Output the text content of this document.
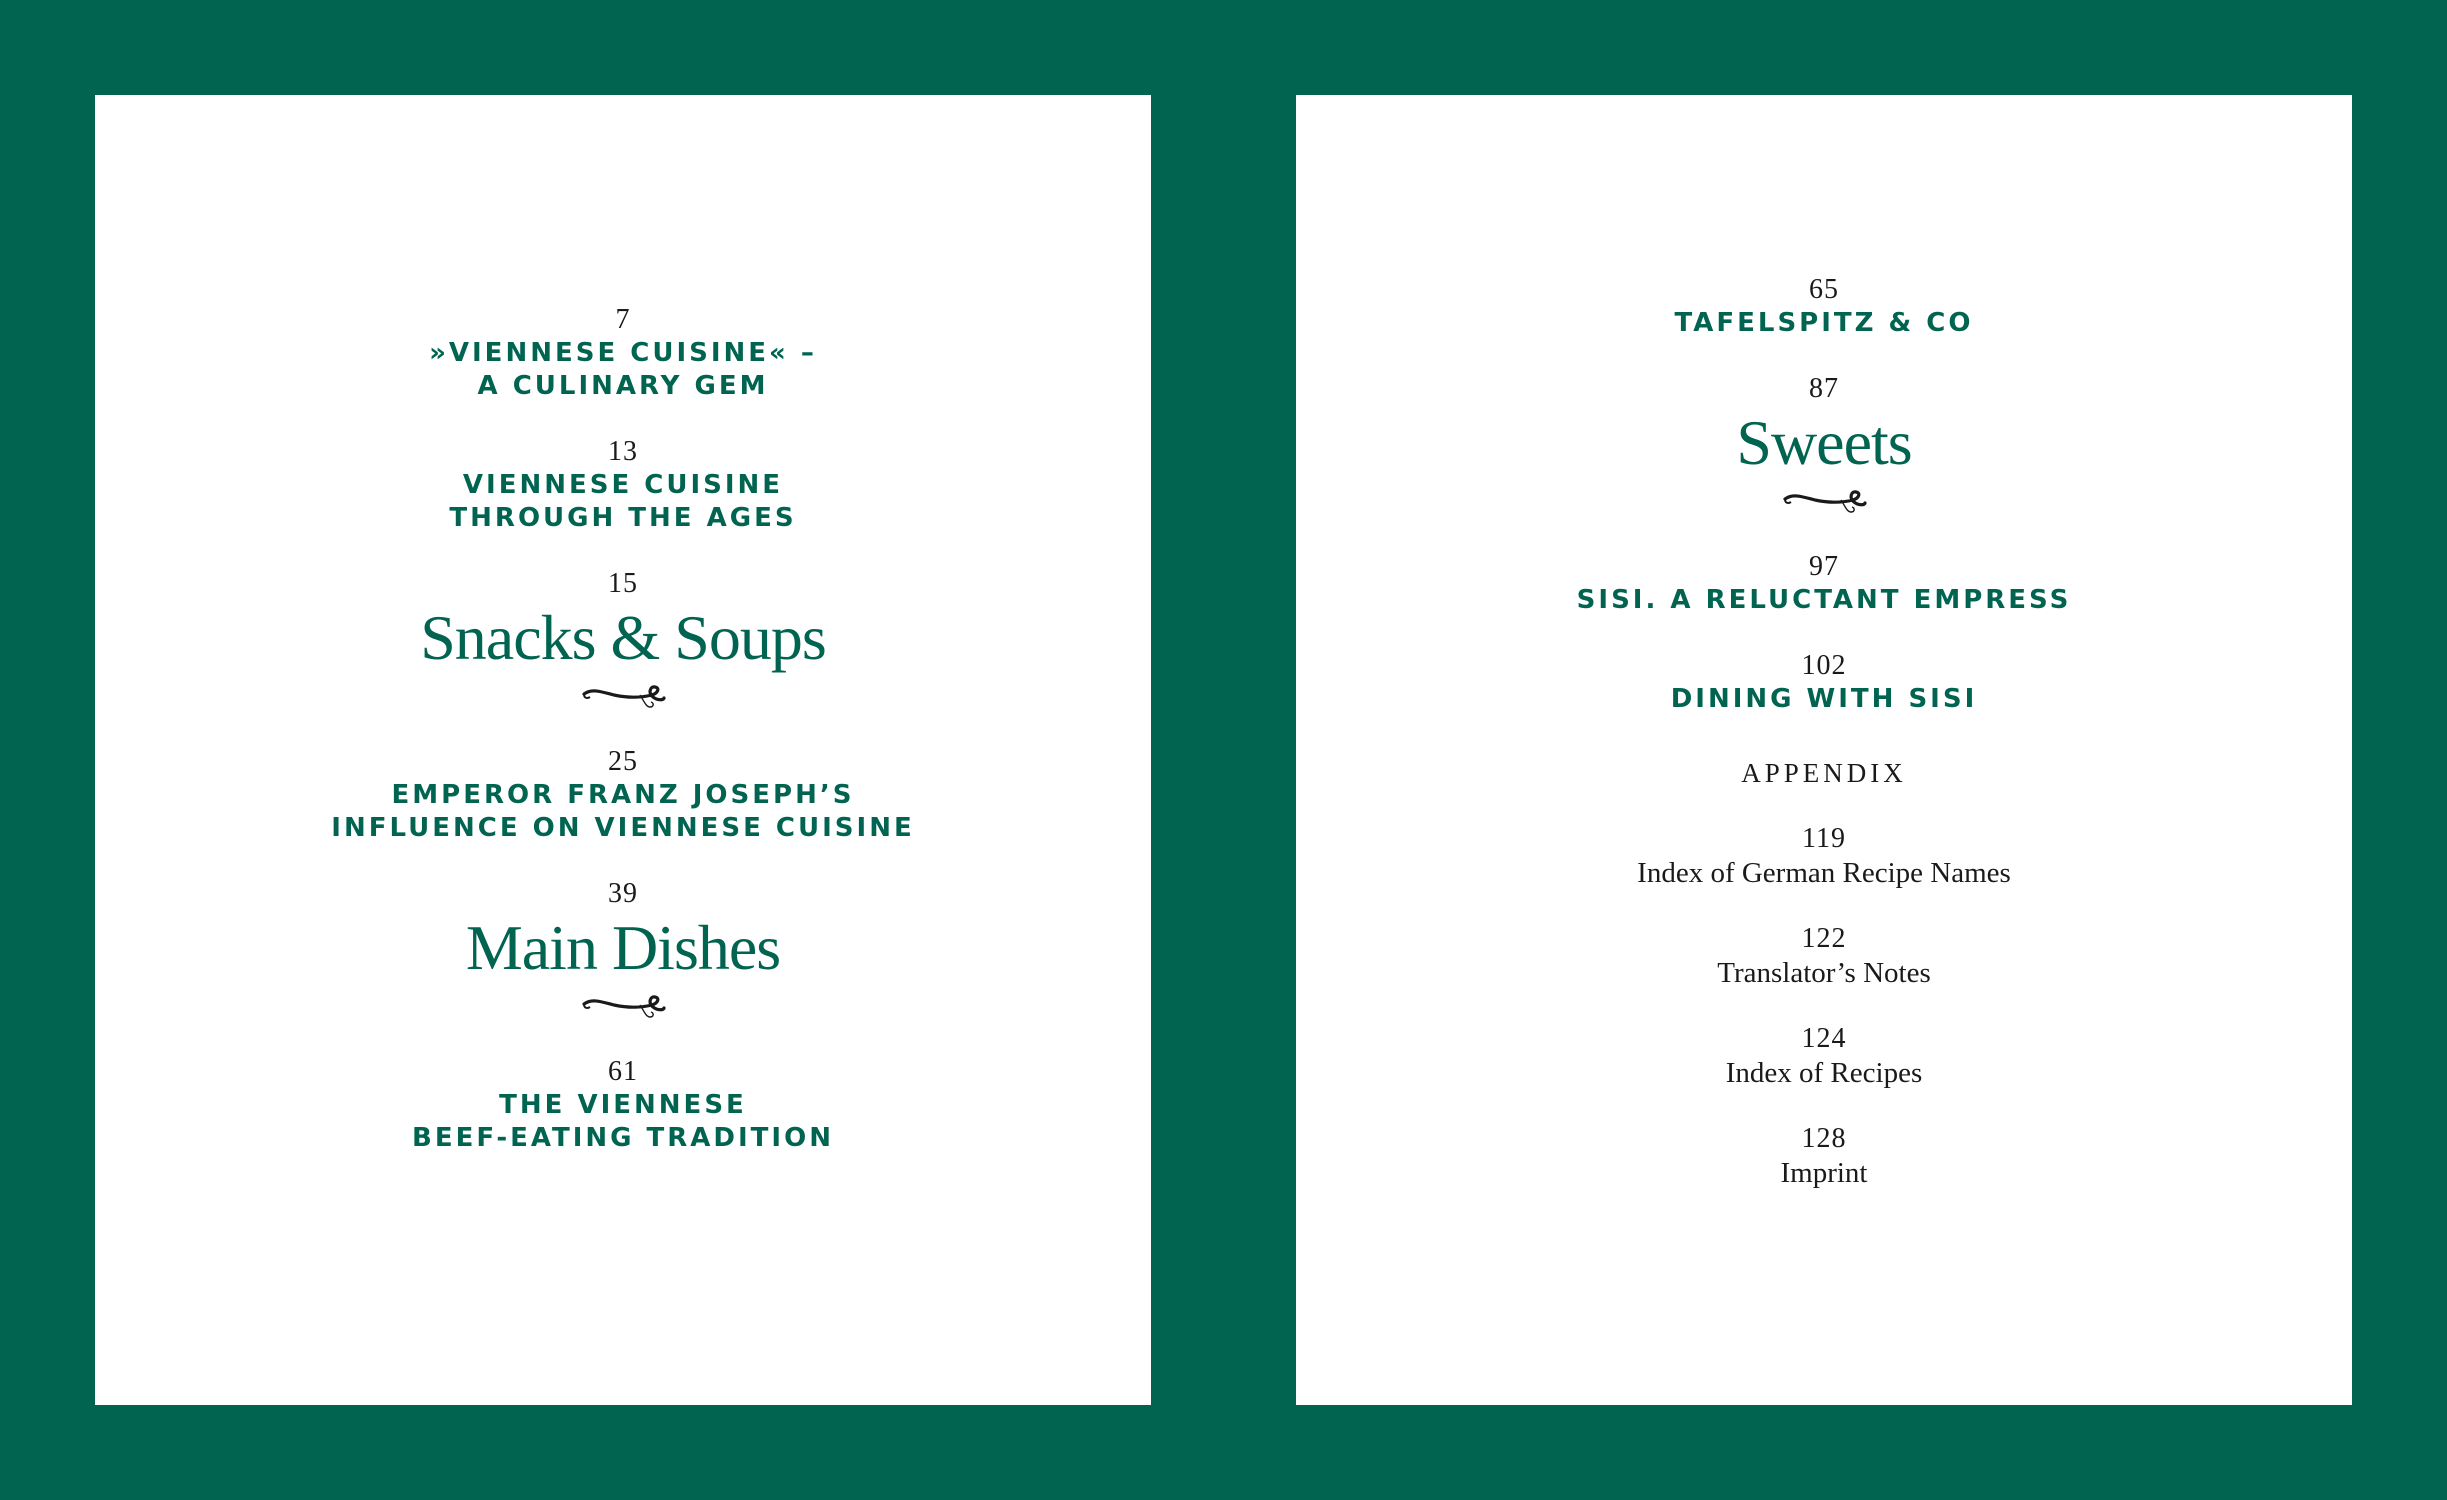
7
»VIENNESE CUISINE« –
A CULINARY GEM
13
VIENNESE CUISINE
THROUGH THE AGES
15
Snacks & Soups
25
EMPEROR FRANZ JOSEPH’S
INFLUENCE ON VIENNESE CUISINE
39
Main Dishes
61
THE VIENNESE
BEEF-EATING TRADITION
65
TAFELSPITZ & CO
87
Sweets
97
SISI. A RELUCTANT EMPRESS
102
DINING WITH SISI
APPENDIX
119
Index of German Recipe Names
122
Translator’s Notes
124
Index of Recipes
128
Imprint
